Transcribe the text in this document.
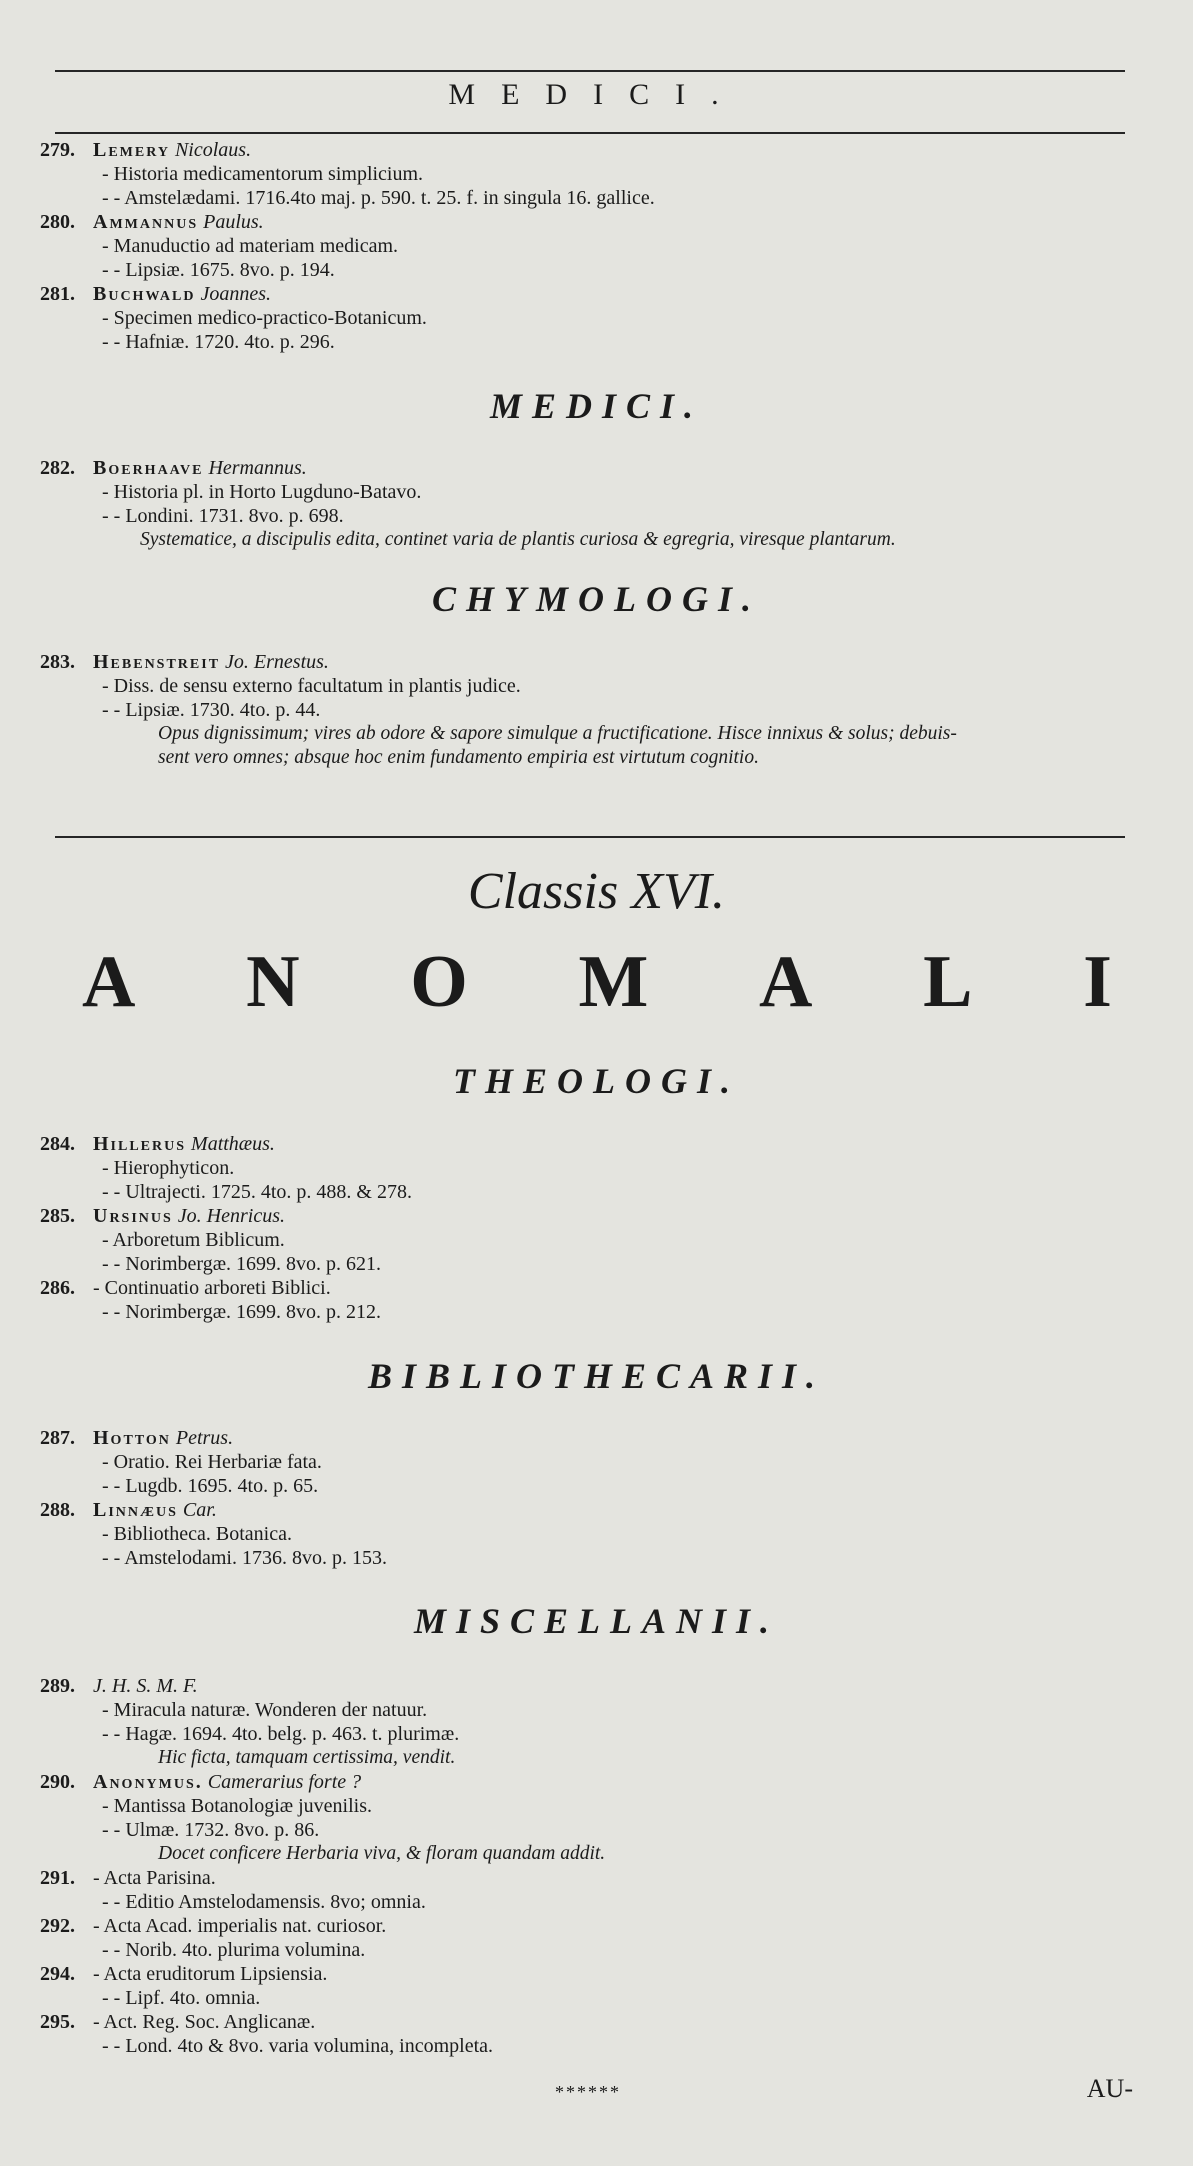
MEDICI.
279. Lemery Nicolaus.
- Historia medicamentorum simplicium.
- - Amstelædami. 1716.4to maj. p. 590. t. 25. f. in singula 16. gallice.
280. Ammannus Paulus.
- Manuductio ad materiam medicam.
- - Lipsiæ. 1675. 8vo. p. 194.
281. Buchwald Joannes.
- Specimen medico-practico-Botanicum.
- - Hafniæ. 1720. 4to. p. 296.
MEDICI.
282. Boerhaave Hermannus.
- Historia pl. in Horto Lugduno-Batavo.
- - Londini. 1731. 8vo. p. 698.
Systematice, a discipulis edita, continet varia de plantis curiosa & egregria, viresque plantarum.
CHYMOLOGI.
283. Hebenstreit Jo. Ernestus.
- Diss. de sensu externo facultatum in plantis judice.
- - Lipsiæ. 1730. 4to. p. 44.
Opus dignissimum; vires ab odore & sapore simulque a fructificatione. Hisce innixus & solus; debuis-
sent vero omnes; absque hoc enim fundamento empiria est virtutum cognitio.
Classis XVI.
A N O M A L I
THEOLOGI.
284. Hillerus Matthæus.
- Hierophyticon.
- - Ultrajecti. 1725. 4to. p. 488. & 278.
285. Ursinus Jo. Henricus.
- Arboretum Biblicum.
- - Norimbergæ. 1699. 8vo. p. 621.
286. - Continuatio arboreti Biblici.
- - Norimbergæ. 1699. 8vo. p. 212.
BIBLIOTHECARII.
287. Hotton Petrus.
- Oratio. Rei Herbariæ fata.
- - Lugdb. 1695. 4to. p. 65.
288. Linnæus Car.
- Bibliotheca. Botanica.
- - Amstelodami. 1736. 8vo. p. 153.
MISCELLANII.
289. J. H. S. M. F.
- Miracula naturæ. Wonderen der natuur.
- - Hagæ. 1694. 4to. belg. p. 463. t. plurimæ.
Hic ficta, tamquam certissima, vendit.
290. Anonymus. Camerarius forte ?
- Mantissa Botanologiæ juvenilis.
- - Ulmæ. 1732. 8vo. p. 86.
Docet conficere Herbaria viva, & floram quandam addit.
291. - Acta Parisina.
- - Editio Amstelodamensis. 8vo; omnia.
292. - Acta Acad. imperialis nat. curiosor.
- - Norib. 4to. plurima volumina.
294. - Acta eruditorum Lipsiensia.
- - Lipf. 4to. omnia.
295. - Act. Reg. Soc. Anglicanæ.
- - Lond. 4to & 8vo. varia volumina, incompleta.
******	AU-
